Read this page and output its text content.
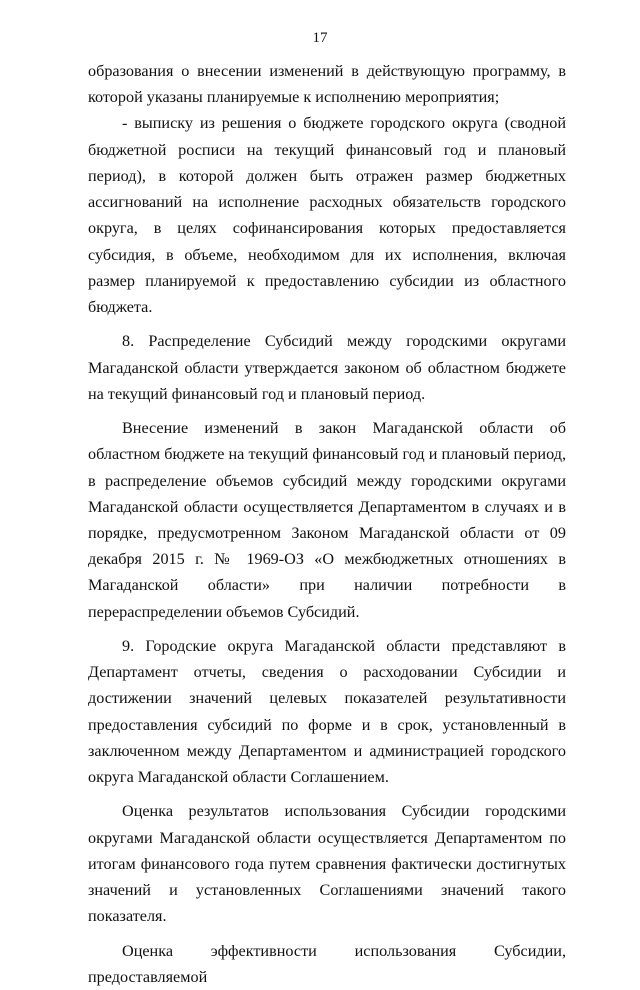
17

образования о внесении изменений в действующую программу, в которой указаны планируемые к исполнению мероприятия;

- выписку из решения о бюджете городского округа (сводной бюджетной росписи на текущий финансовый год и плановый период), в которой должен быть отражен размер бюджетных ассигнований на исполнение расходных обязательств городского округа, в целях софинансирования которых предоставляется субсидия, в объеме, необходимом для их исполнения, включая размер планируемой к предоставлению субсидии из областного бюджета.

8. Распределение Субсидий между городскими округами Магаданской области утверждается законом об областном бюджете на текущий финансовый год и плановый период.

Внесение изменений в закон Магаданской области об областном бюджете на текущий финансовый год и плановый период, в распределение объемов субсидий между городскими округами Магаданской области осуществляется Департаментом в случаях и в порядке, предусмотренном Законом Магаданской области от 09 декабря 2015 г. № 1969-ОЗ «О межбюджетных отношениях в Магаданской области» при наличии потребности в перераспределении объемов Субсидий.

9. Городские округа Магаданской области представляют в Департамент отчеты, сведения о расходовании Субсидии и достижении значений целевых показателей результативности предоставления субсидий по форме и в срок, установленный в заключенном между Департаментом и администрацией городского округа Магаданской области Соглашением.

Оценка результатов использования Субсидии городскими округами Магаданской области осуществляется Департаментом по итогам финансового года путем сравнения фактически достигнутых значений и установленных Соглашениями значений такого показателя.

Оценка эффективности использования Субсидии, предоставляемой
